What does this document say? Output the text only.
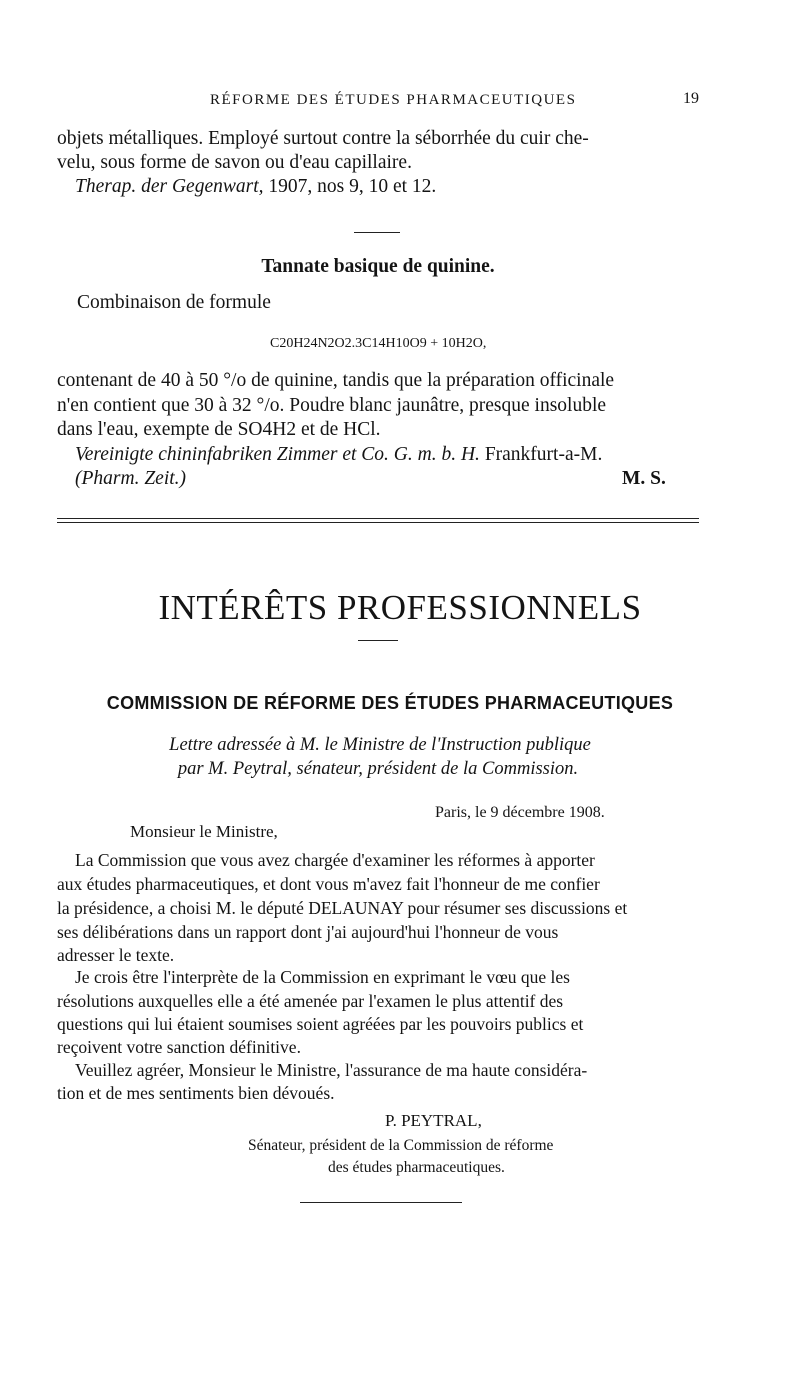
RÉFORME DES ÉTUDES PHARMACEUTIQUES	19
objets métalliques. Employé surtout contre la séborrhée du cuir che-
velu, sous forme de savon ou d'eau capillaire.
Therap. der Gegenwart, 1907, nos 9, 10 et 12.
Tannate basique de quinine.
Combinaison de formule
C20H24N2O2.3C14H10O9 + 10H2O,
contenant de 40 à 50 °/o de quinine, tandis que la préparation officinale
n'en contient que 30 à 32 °/o. Poudre blanc jaunâtre, presque insoluble
dans l'eau, exempte de SO4H2 et de HCl.
Vereinigte chininfabriken Zimmer et Co. G. m. b. H. Frankfurt-a-M.
(Pharm. Zeit.)	M. S.
INTÉRÊTS PROFESSIONNELS
COMMISSION DE RÉFORME DES ÉTUDES PHARMACEUTIQUES
Lettre adressée à M. le Ministre de l'Instruction publique
par M. Peytral, sénateur, président de la Commission.
Paris, le 9 décembre 1908.
Monsieur le Ministre,
La Commission que vous avez chargée d'examiner les réformes à apporter
aux études pharmaceutiques, et dont vous m'avez fait l'honneur de me confier
la présidence, a choisi M. le député DELAUNAY pour résumer ses discussions et
ses délibérations dans un rapport dont j'ai aujourd'hui l'honneur de vous
adresser le texte.
Je crois être l'interprète de la Commission en exprimant le vœu que les
résolutions auxquelles elle a été amenée par l'examen le plus attentif des
questions qui lui étaient soumises soient agréées par les pouvoirs publics et
reçoivent votre sanction définitive.
Veuillez agréer, Monsieur le Ministre, l'assurance de ma haute considéra-
tion et de mes sentiments bien dévoués.
P. PEYTRAL,
Sénateur, président de la Commission de réforme
des études pharmaceutiques.
